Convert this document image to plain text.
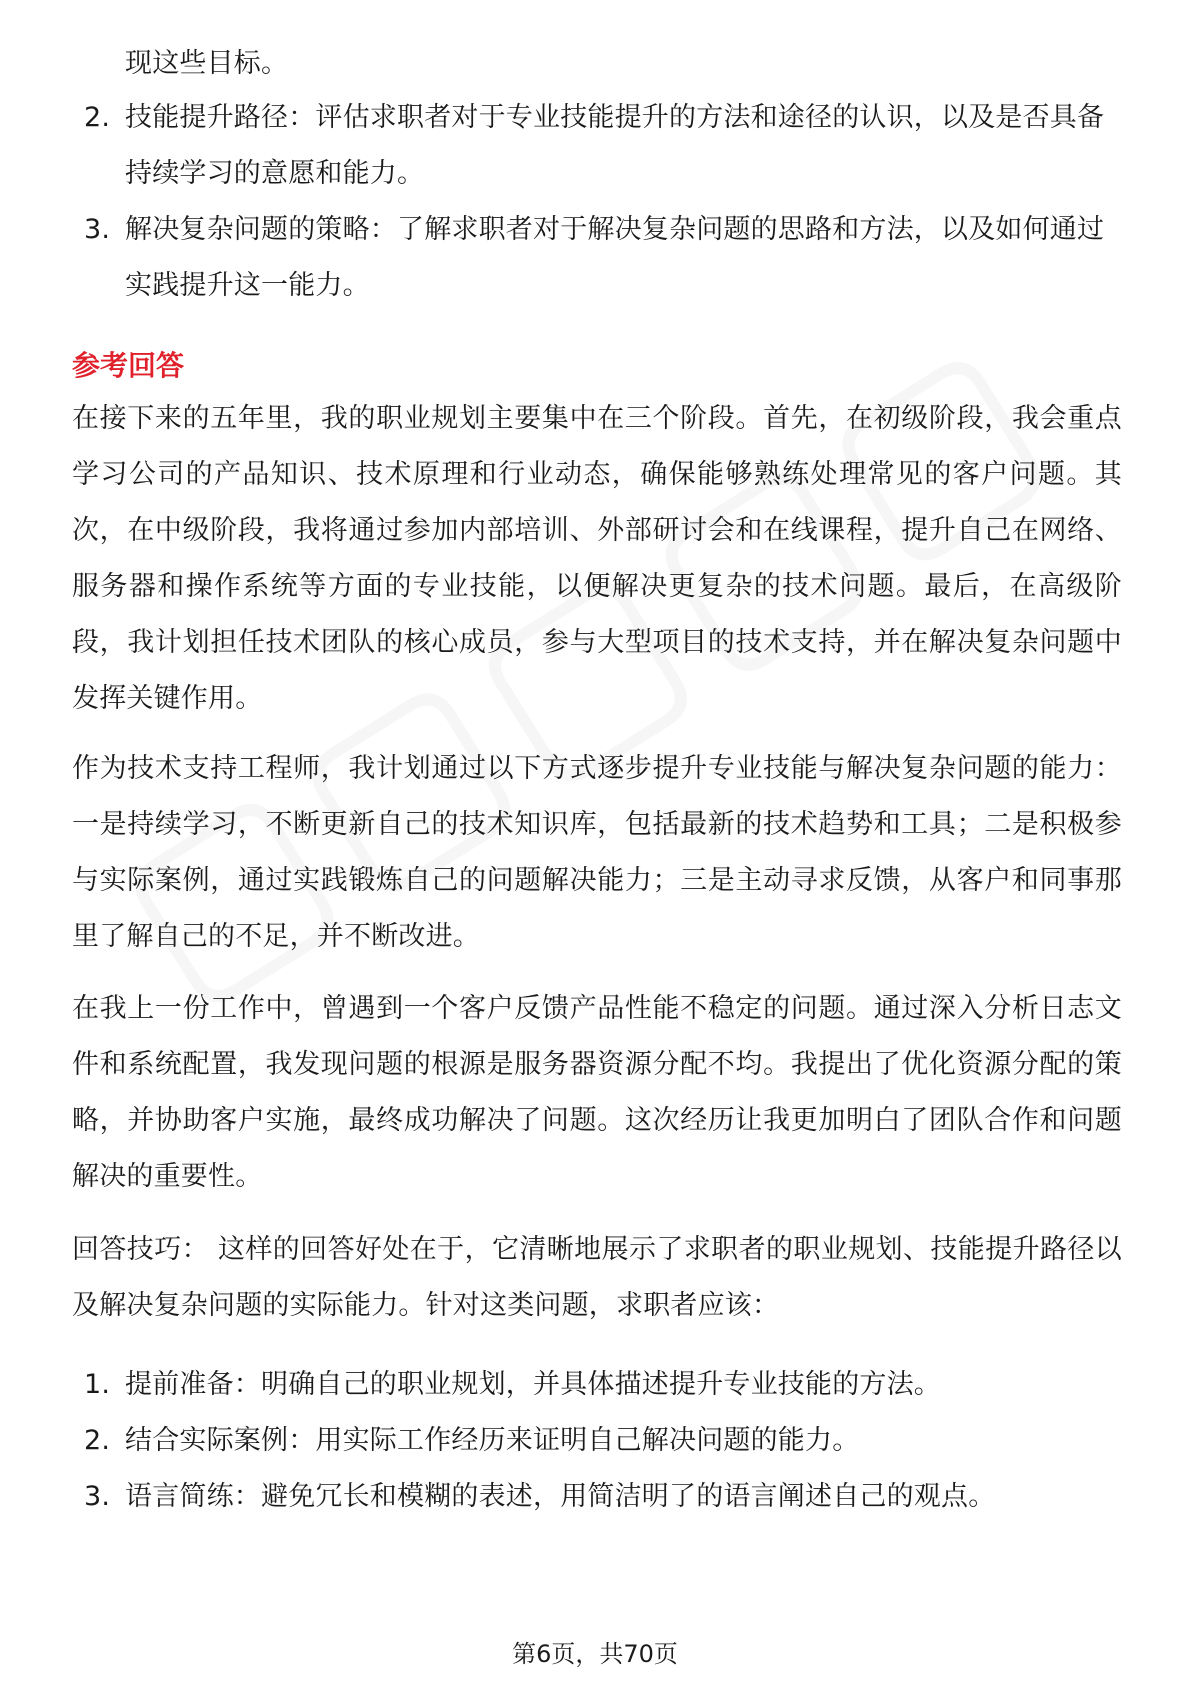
现这些目标。
2. 技能提升路径：评估求职者对于专业技能提升的方法和途径的认识，以及是否具备持续学习的意愿和能力。
3. 解决复杂问题的策略：了解求职者对于解决复杂问题的思路和方法，以及如何通过实践提升这一能力。
参考回答

在接下来的五年里，我的职业规划主要集中在三个阶段。首先，在初级阶段，我会重点学习公司的产品知识、技术原理和行业动态，确保能够熟练处理常见的客户问题。其次，在中级阶段，我将通过参加内部培训、外部研讨会和在线课程，提升自己在网络、服务器和操作系统等方面的专业技能，以便解决更复杂的技术问题。最后，在高级阶段，我计划担任技术团队的核心成员，参与大型项目的技术支持，并在解决复杂问题中发挥关键作用。

作为技术支持工程师，我计划通过以下方式逐步提升专业技能与解决复杂问题的能力：一是持续学习，不断更新自己的技术知识库，包括最新的技术趋势和工具；二是积极参与实际案例，通过实践锻炼自己的问题解决能力；三是主动寻求反馈，从客户和同事那里了解自己的不足，并不断改进。

在我上一份工作中，曾遇到一个客户反馈产品性能不稳定的问题。通过深入分析日志文件和系统配置，我发现问题的根源是服务器资源分配不均。我提出了优化资源分配的策略，并协助客户实施，最终成功解决了问题。这次经历让我更加明白了团队合作和问题解决的重要性。

回答技巧： 这样的回答好处在于，它清晰地展示了求职者的职业规划、技能提升路径以及解决复杂问题的实际能力。针对这类问题，求职者应该：

1. 提前准备：明确自己的职业规划，并具体描述提升专业技能的方法。
2. 结合实际案例：用实际工作经历来证明自己解决问题的能力。
3. 语言简练：避免冗长和模糊的表述，用简洁明了的语言阐述自己的观点。
第6页，共70页
